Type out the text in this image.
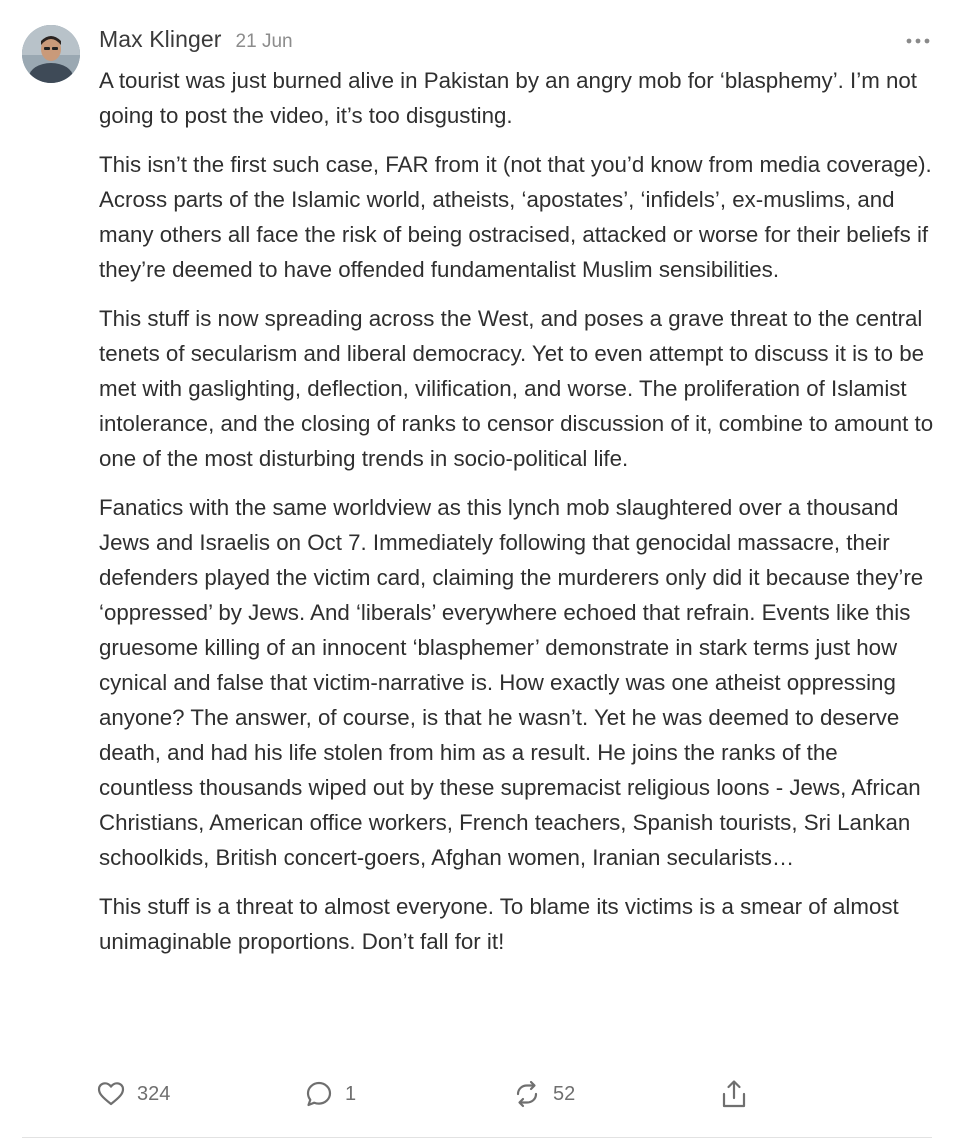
Max Klinger 21 Jun

A tourist was just burned alive in Pakistan by an angry mob for ‘blasphemy’. I’m not going to post the video, it’s too disgusting.

This isn’t the first such case, FAR from it (not that you’d know from media coverage). Across parts of the Islamic world, atheists, ‘apostates’, ‘infidels’, ex-muslims, and many others all face the risk of being ostracised, attacked or worse for their beliefs if they’re deemed to have offended fundamentalist Muslim sensibilities.

This stuff is now spreading across the West, and poses a grave threat to the central tenets of secularism and liberal democracy. Yet to even attempt to discuss it is to be met with gaslighting, deflection, vilification, and worse. The proliferation of Islamist intolerance, and the closing of ranks to censor discussion of it, combine to amount to one of the most disturbing trends in socio-political life.

Fanatics with the same worldview as this lynch mob slaughtered over a thousand Jews and Israelis on Oct 7. Immediately following that genocidal massacre, their defenders played the victim card, claiming the murderers only did it because they’re ‘oppressed’ by Jews. And ‘liberals’ everywhere echoed that refrain. Events like this gruesome killing of an innocent ‘blasphemer’ demonstrate in stark terms just how cynical and false that victim-narrative is. How exactly was one atheist oppressing anyone? The answer, of course, is that he wasn’t. Yet he was deemed to deserve death, and had his life stolen from him as a result. He joins the ranks of the countless thousands wiped out by these supremacist religious loons - Jews, African Christians, American office workers, French teachers, Spanish tourists, Sri Lankan schoolkids, British concert-goers, Afghan women, Iranian secularists…

This stuff is a threat to almost everyone. To blame its victims is a smear of almost unimaginable proportions. Don’t fall for it!

324	1	52
